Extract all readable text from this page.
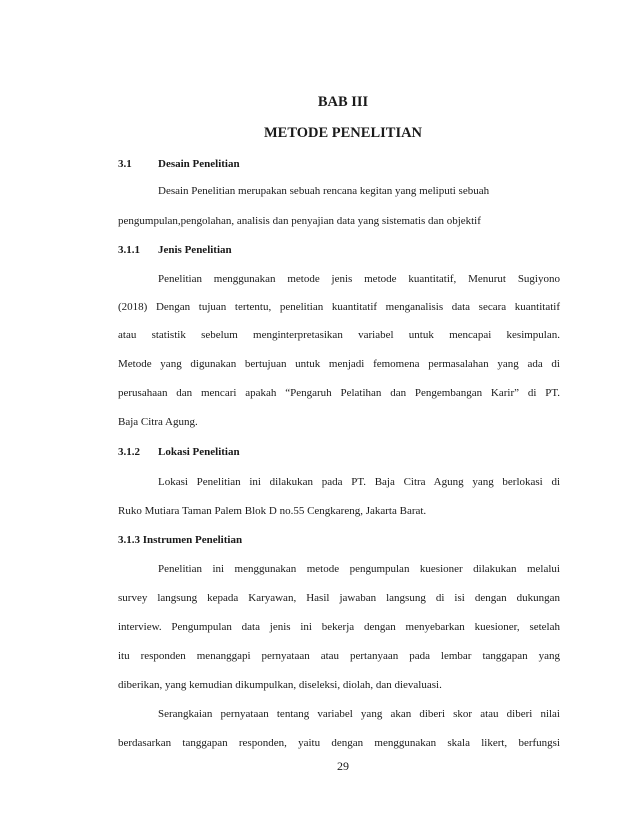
BAB III
METODE PENELITIAN
3.1 Desain Penelitian
Desain Penelitian merupakan sebuah rencana kegitan yang meliputi sebuah
pengumpulan,pengolahan, analisis dan penyajian data yang sistematis dan objektif
3.1.1 Jenis Penelitian
Penelitian menggunakan metode jenis metode kuantitatif, Menurut Sugiyono
(2018) Dengan tujuan tertentu, penelitian kuantitatif menganalisis data secara kuantitatif
atau statistik sebelum menginterpretasikan variabel untuk mencapai kesimpulan.
Metode yang digunakan bertujuan untuk menjadi femomena permasalahan yang ada di
perusahaan dan mencari apakah “Pengaruh Pelatihan dan Pengembangan Karir” di PT.
Baja Citra Agung.
3.1.2 Lokasi Penelitian
Lokasi Penelitian ini dilakukan pada PT. Baja Citra Agung yang berlokasi di
Ruko Mutiara Taman Palem Blok D no.55 Cengkareng, Jakarta Barat.
3.1.3 Instrumen Penelitian
Penelitian ini menggunakan metode pengumpulan kuesioner dilakukan melalui
survey langsung kepada Karyawan, Hasil jawaban langsung di isi dengan dukungan
interview. Pengumpulan data jenis ini bekerja dengan menyebarkan kuesioner, setelah
itu responden menanggapi pernyataan atau pertanyaan pada lembar tanggapan yang
diberikan, yang kemudian dikumpulkan, diseleksi, diolah, dan dievaluasi.
Serangkaian pernyataan tentang variabel yang akan diberi skor atau diberi nilai
berdasarkan tanggapan responden, yaitu dengan menggunakan skala likert, berfungsi
29
